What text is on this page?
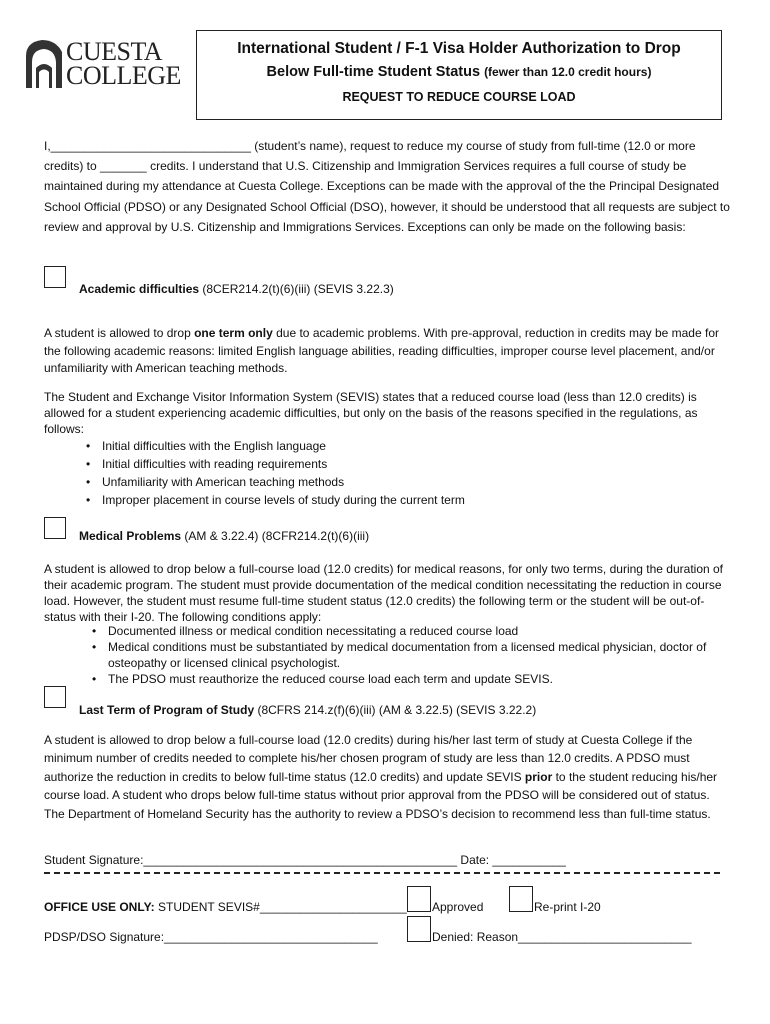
CUESTA
COLLEGE
International Student / F-1 Visa Holder Authorization to Drop
Below Full-time Student Status (fewer than 12.0 credit hours)
REQUEST TO REDUCE COURSE LOAD
I,______________________________ (student’s name), request to reduce my course of study from full-time (12.0 or more credits) to _______ credits. I understand that U.S. Citizenship and Immigration Services requires a full course of study be maintained during my attendance at Cuesta College. Exceptions can be made with the approval of the the Principal Designated School Official (PDSO) or any Designated School Official (DSO), however, it should be understood that all requests are subject to review and approval by U.S. Citizenship and Immigrations Services. Exceptions can only be made on the following basis:
Academic difficulties (8CER214.2(t)(6)(iii) (SEVIS 3.22.3)
A student is allowed to drop one term only due to academic problems. With pre-approval, reduction in credits may be made for the following academic reasons: limited English language abilities, reading difficulties, improper course level placement, and/or unfamiliarity with American teaching methods.
The Student and Exchange Visitor Information System (SEVIS) states that a reduced course load (less than 12.0 credits) is allowed for a student experiencing academic difficulties, but only on the basis of the reasons specified in the regulations, as follows:
• Initial difficulties with the English language
• Initial difficulties with reading requirements
• Unfamiliarity with American teaching methods
• Improper placement in course levels of study during the current term
Medical Problems (AM & 3.22.4) (8CFR214.2(t)(6)(iii)
A student is allowed to drop below a full-course load (12.0 credits) for medical reasons, for only two terms, during the duration of their academic program. The student must provide documentation of the medical condition necessitating the reduction in course load. However, the student must resume full-time student status (12.0 credits) the following term or the student will be out-of-status with their I-20. The following conditions apply:
• Documented illness or medical condition necessitating a reduced course load
• Medical conditions must be substantiated by medical documentation from a licensed medical physician, doctor of osteopathy or licensed clinical psychologist.
• The PDSO must reauthorize the reduced course load each term and update SEVIS.
Last Term of Program of Study (8CFRS 214.z(f)(6)(iii) (AM & 3.22.5) (SEVIS 3.22.2)
A student is allowed to drop below a full-course load (12.0 credits) during his/her last term of study at Cuesta College if the minimum number of credits needed to complete his/her chosen program of study are less than 12.0 credits. A PDSO must authorize the reduction in credits to below full-time status (12.0 credits) and update SEVIS prior to the student reducing his/her course load. A student who drops below full-time status without prior approval from the PDSO will be considered out of status. The Department of Homeland Security has the authority to review a PDSO’s decision to recommend less than full-time status.
Student Signature:_______________________________________________ Date: ___________
OFFICE USE ONLY: STUDENT SEVIS#______________________ Approved	Re-print I-20
PDSP/DSO Signature:________________________________	Denied: Reason__________________________
